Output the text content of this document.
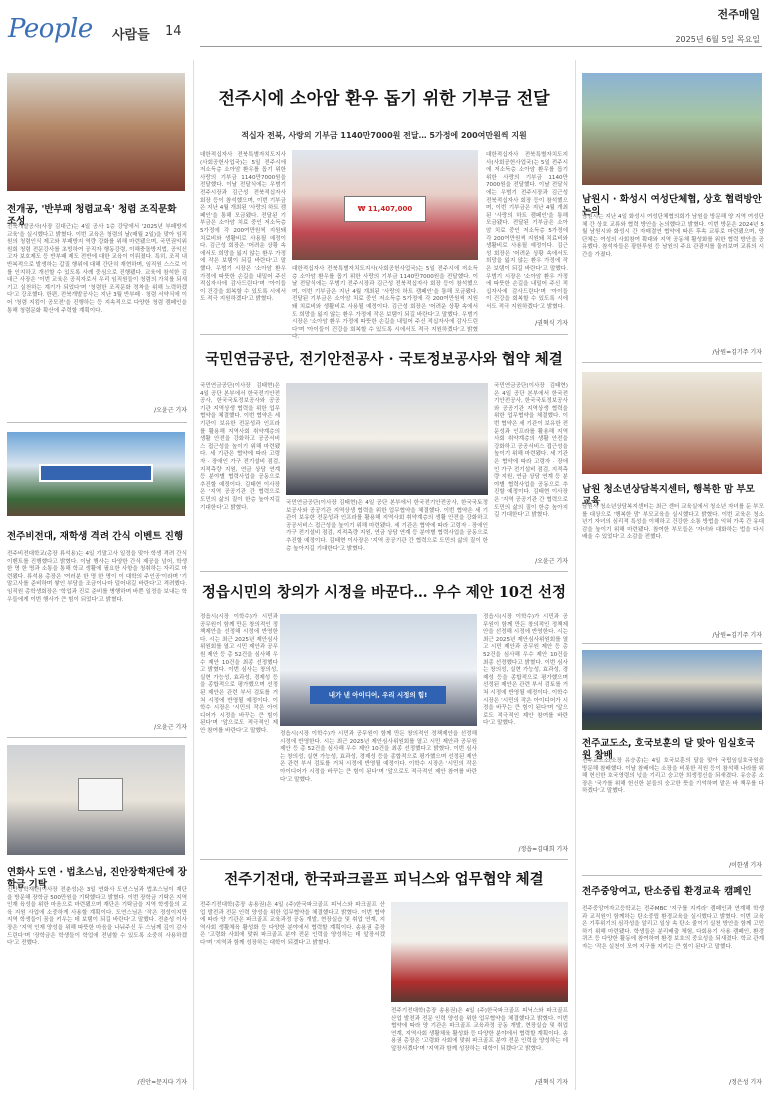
People 사람들 14
전주매일
2025년 6월 5일 목요일
전개공, '반부패 청렴교육' 청렴 조직문화 조성
전북개발공사(사장 김대근)는 4일 공사 1층 강당에서 '2025년 부패방지 교육'을 실시했다고 밝혔다. 이번 교육은 청렴의 날(매월 2일)을 맞아 임직원의 청렴인식 제고와 부패방지 역량 강화를 위해 마련됐으며, 국민권익위원회 청렴 전문강사를 초빙하여 공직자 행동강령, 이해충돌방지법, 공익신고자 보호제도 등 반부패 제도 전반에 대한 교육이 이뤄졌다. 특히, 조직 내 반복적으로 발생하는 갑질 행위에 대해 간단히 재현하며, 임직원 스스로 이를 인지하고 개선할 수 있도록 사례 중심으로 진행됐다. 교육에 참석한 김대근 사장은 '이번 교육은 공직자로서 우리 임직원들이 청렴의 가치를 되새기고 실천하는 계기가 되었다'며 '청렴한 조직문화 정착을 위해 노력하겠다'고 강조했다. 한편, 전북개발공사는 지난 3월 반부패 · 청렴 서약식에 이어 '청렴 지킴이 공모전'을 진행하는 등 지속적으로 다양한 청렴 캠페인을 통해 청렴문화 확산에 주력할 계획이다.
/오윤근 기자
전주비전대, 재학생 격려 간식 이벤트 진행
전주비전대학교(총장 류석용)는 4일 기말고사 일정을 맞아 학생 격려 간식 이벤트를 진행했다고 밝혔다. 이날 행사는 다양한 간식 제공을 넘어, 학생 한 명 한 명과 소통을 통해 학교 생활에 필요한 사항을 청취하는 자리로 마련됐다. 류석용 총장은 '여러분 한 명 한 명이 이 대학의 주인공'이라며 '기말고사를 준비하며 쌓인 부담을 조금이나마 덜어내길 바란다'고 격려했다. 임직원 총학생회장은 '학업과 진로 준비를 병행하며 바쁜 일정을 보내는 학우들에게 이번 행사가 큰 힘이 되었다'고 밝혔다.
/오윤근 기자
연화사 도연 · 법초스님, 진안장학재단에 장학금 기탁
진안장학재단(이사장 전춘성)은 3일 연화사 도연스님과 법초스님이 재단을 방문해 장학금 500만원을 기탁했다고 밝혔다. 이번 장학금 기탁은 지역 인재 육성을 위한 마음으로 마련됐으며 재단은 기탁금을 지역 학생들의 교육 지원 사업에 소중하게 사용할 계획이다. 도연스님은 '작은 정성이지만 지역 학생들이 꿈을 키우는 데 보탬이 되길 바란다'고 말했다. 전춘성 이사장은 '지역 인재 양성을 위해 따뜻한 마음을 나눠주신 두 스님께 깊이 감사드린다'며 '장학금은 학생들이 학업에 전념할 수 있도록 소중히 사용하겠다'고 전했다.
/진안=문지다 기자
전주시에 소아암 환우 돕기 위한 기부금 전달
적십자 전북, 사랑의 기부금 1140만7000원 전달… 5가정에 200여만원씩 지원
대한적십자사 전북특별자치도지사(사회공헌사업국)는 5일 전주시에 저소득층 소아암 환우를 돕기 위한 사랑의 기부금 1140만7000원을 전달했다. 이날 전달식에는 우범기 전주시장과 김근성 전북적십자사 회장 등이 참석했으며, 이번 기부금은 지난 4월 개최된 '사랑의 하트 캠페인'을 통해 모금됐다. 전달된 기부금은 소아암 치료 중인 저소득층 5가정에 각 200여만원씩 지원돼 치료비와 생활비로 사용될 예정이다. 김근성 회장은 '어려운 상황 속에서도 희망을 잃지 않는 환우 가정에 작은 보탬이 되길 바란다'고 말했다. 우범기 시장은 '소아암 환우 가정에 따뜻한 손길을 내밀어 주신 적십자사에 감사드린다'며 '아이들이 건강을 회복할 수 있도록 시에서도 적극 지원하겠다'고 밝혔다.
₩ 11,407,000
대한적십자사 전북특별자치도지사(사회공헌사업국)는 5일 전주시에 저소득층 소아암 환우를 돕기 위한 사랑의 기부금 1140만7000원을 전달했다. 이날 전달식에는 우범기 전주시장과 김근성 전북적십자사 회장 등이 참석했으며, 이번 기부금은 지난 4월 개최된 '사랑의 하트 캠페인'을 통해 모금됐다. 전달된 기부금은 소아암 치료 중인 저소득층 5가정에 각 200여만원씩 지원돼 치료비와 생활비로 사용될 예정이다. 김근성 회장은 '어려운 상황 속에서도 희망을 잃지 않는 환우 가정에 작은 보탬이 되길 바란다'고 말했다. 우범기 시장은 '소아암 환우 가정에 따뜻한 손길을 내밀어 주신 적십자사에 감사드린다'며 '아이들이 건강을 회복할 수 있도록 시에서도 적극 지원하겠다'고 밝혔다.
대한적십자사 전북특별자치도지사(사회공헌사업국)는 5일 전주시에 저소득층 소아암 환우를 돕기 위한 사랑의 기부금 1140만7000원을 전달했다. 이날 전달식에는 우범기 전주시장과 김근성 전북적십자사 회장 등이 참석했으며, 이번 기부금은 지난 4월 개최된 '사랑의 하트 캠페인'을 통해 모금됐다. 전달된 기부금은 소아암 치료 중인 저소득층 5가정에 각 200여만원씩 지원돼 치료비와 생활비로 사용될 예정이다. 김근성 회장은 '어려운 상황 속에서도 희망을 잃지 않는 환우 가정에 작은 보탬이 되길 바란다'고 말했다. 우범기 시장은 '소아암 환우 가정에 따뜻한 손길을 내밀어 주신 적십자사에 감사드린다'며 '아이들이 건강을 회복할 수 있도록 시에서도 적극 지원하겠다'고 밝혔다.
/권혁식 기자
국민연금공단, 전기안전공사 · 국토정보공사와 협약 체결
국민연금공단(이사장 김태현)은 4일 공단 본부에서 한국전기안전공사, 한국국토정보공사와 공공기관 지역상생 협력을 위한 업무협약을 체결했다. 이번 협약은 세 기관이 보유한 전문성과 인프라를 활용해 지역사회 취약계층의 생활 안전을 강화하고 공공서비스 접근성을 높이기 위해 마련됐다. 세 기관은 협약에 따라 고령자 · 장애인 가구 전기설비 점검, 지적측량 지원, 연금 상담 연계 등 분야별 협력사업을 공동으로 추진할 예정이다. 김태현 이사장은 '지역 공공기관 간 협력으로 도민의 삶의 질이 한층 높아지길 기대한다'고 밝혔다.
국민연금공단(이사장 김태현)은 4일 공단 본부에서 한국전기안전공사, 한국국토정보공사와 공공기관 지역상생 협력을 위한 업무협약을 체결했다. 이번 협약은 세 기관이 보유한 전문성과 인프라를 활용해 지역사회 취약계층의 생활 안전을 강화하고 공공서비스 접근성을 높이기 위해 마련됐다. 세 기관은 협약에 따라 고령자 · 장애인 가구 전기설비 점검, 지적측량 지원, 연금 상담 연계 등 분야별 협력사업을 공동으로 추진할 예정이다. 김태현 이사장은 '지역 공공기관 간 협력으로 도민의 삶의 질이 한층 높아지길 기대한다'고 밝혔다.
국민연금공단(이사장 김태현)은 4일 공단 본부에서 한국전기안전공사, 한국국토정보공사와 공공기관 지역상생 협력을 위한 업무협약을 체결했다. 이번 협약은 세 기관이 보유한 전문성과 인프라를 활용해 지역사회 취약계층의 생활 안전을 강화하고 공공서비스 접근성을 높이기 위해 마련됐다. 세 기관은 협약에 따라 고령자 · 장애인 가구 전기설비 점검, 지적측량 지원, 연금 상담 연계 등 분야별 협력사업을 공동으로 추진할 예정이다. 김태현 이사장은 '지역 공공기관 간 협력으로 도민의 삶의 질이 한층 높아지길 기대한다'고 밝혔다.
/오윤근 기자
정읍시민의 창의가 시정을 바꾼다… 우수 제안 10건 선정
정읍시(시장 이학수)가 시민과 공무원이 함께 만든 창의적인 정책제안을 선정해 시정에 반영한다. 시는 최근 2025년 제안심사위원회를 열고 시민 제안과 공무원 제안 등 총 52건을 심사해 우수 제안 10건을 최종 선정했다고 밝혔다. 이번 심사는 창의성, 실현 가능성, 효과성, 경제성 등을 종합적으로 평가했으며 선정된 제안은 관련 부서 검토를 거쳐 시정에 반영될 예정이다. 이학수 시장은 '시민의 작은 아이디어가 시정을 바꾸는 큰 힘이 된다'며 '앞으로도 적극적인 제안 참여를 바란다'고 말했다.
내가 낸 아이디어, 우리 시정의 힘!
정읍시(시장 이학수)가 시민과 공무원이 함께 만든 창의적인 정책제안을 선정해 시정에 반영한다. 시는 최근 2025년 제안심사위원회를 열고 시민 제안과 공무원 제안 등 총 52건을 심사해 우수 제안 10건을 최종 선정했다고 밝혔다. 이번 심사는 창의성, 실현 가능성, 효과성, 경제성 등을 종합적으로 평가했으며 선정된 제안은 관련 부서 검토를 거쳐 시정에 반영될 예정이다. 이학수 시장은 '시민의 작은 아이디어가 시정을 바꾸는 큰 힘이 된다'며 '앞으로도 적극적인 제안 참여를 바란다'고 말했다.
정읍시(시장 이학수)가 시민과 공무원이 함께 만든 창의적인 정책제안을 선정해 시정에 반영한다. 시는 최근 2025년 제안심사위원회를 열고 시민 제안과 공무원 제안 등 총 52건을 심사해 우수 제안 10건을 최종 선정했다고 밝혔다. 이번 심사는 창의성, 실현 가능성, 효과성, 경제성 등을 종합적으로 평가했으며 선정된 제안은 관련 부서 검토를 거쳐 시정에 반영될 예정이다. 이학수 시장은 '시민의 작은 아이디어가 시정을 바꾸는 큰 힘이 된다'며 '앞으로도 적극적인 제안 참여를 바란다'고 말했다.
/정읍=김대희 기자
전주기전대, 한국파크골프 피닉스와 업무협약 체결
전주기전대학(총장 송용권)은 4일 (주)한국파크골프 피닉스와 파크골프 산업 발전과 전문 인력 양성을 위한 업무협약을 체결했다고 밝혔다. 이번 협약에 따라 양 기관은 파크골프 교육과정 공동 개발, 현장실습 및 취업 연계, 지역사회 생활체육 활성화 등 다양한 분야에서 협력할 계획이다. 송용권 총장은 '고령화 사회에 맞춰 파크골프 분야 전문 인력을 양성하는 데 앞장서겠다'며 '지역과 함께 성장하는 대학이 되겠다'고 밝혔다.
전주기전대학(총장 송용권)은 4일 (주)한국파크골프 피닉스와 파크골프 산업 발전과 전문 인력 양성을 위한 업무협약을 체결했다고 밝혔다. 이번 협약에 따라 양 기관은 파크골프 교육과정 공동 개발, 현장실습 및 취업 연계, 지역사회 생활체육 활성화 등 다양한 분야에서 협력할 계획이다. 송용권 총장은 '고령화 사회에 맞춰 파크골프 분야 전문 인력을 양성하는 데 앞장서겠다'며 '지역과 함께 성장하는 대학이 되겠다'고 밝혔다.
/권혁식 기자
남원시 · 화성시 여성단체협, 상호 협력방안 논의
남원시는 지난 4일 화성시 여성단체협의회가 남원을 방문해 양 지역 여성단체 간 상호 교류와 협력 방안을 논의했다고 밝혔다. 이번 방문은 2024년 5월 남원시와 화성시 간 자매결연 협약에 따른 후속 교류로 마련됐으며, 양 단체는 여성의 사회참여 확대와 지역 공동체 활성화를 위한 협력 방안을 공유했다. 참석자들은 광한루원 등 남원의 주요 관광지를 둘러보며 교류의 시간을 가졌다.
/남원=김기주 기자
남원 청소년상담복지센터, 행복한 맘 부모 교육
남원시 청소년상담복지센터는 최근 센터 교육실에서 청소년 자녀를 둔 부모를 대상으로 '행복한 맘' 부모교육을 실시했다고 밝혔다. 이번 교육은 청소년기 자녀의 심리적 특성을 이해하고 건강한 소통 방법을 익혀 가족 간 유대감을 높이기 위해 마련됐다. 참여한 부모들은 '자녀와 대화하는 법을 다시 배울 수 있었다'고 소감을 전했다.
/남원=김기주 기자
전주교도소, 호국보훈의 달 맞아 임실호국원 참배
전주교도소(소장 유승종)는 4일 호국보훈의 달을 맞아 국립임실호국원을 방문해 참배했다. 이날 참배에는 소장을 비롯한 직원 등이 참석해 나라를 위해 헌신한 호국영령의 넋을 기리고 숭고한 희생정신을 되새겼다. 유승종 소장은 '국가를 위해 헌신한 분들의 숭고한 뜻을 기억하며 맡은 바 책무를 다하겠다'고 말했다.
/이한샘 기자
전주중앙여고, 탄소중립 환경교육 캠페인
전주중앙여자고등학교는 전주MBC '지구를 지켜라' 캠페인과 연계해 학생과 교직원이 함께하는 탄소중립 환경교육을 실시했다고 밝혔다. 이번 교육은 기후위기의 심각성을 알리고 일상 속 탄소 줄이기 실천 방안을 함께 고민하기 위해 마련됐다. 학생들은 분리배출 체험, 다회용기 사용 캠페인, 환경 퀴즈 등 다양한 활동에 참여하며 환경 보호의 중요성을 되새겼다. 학교 관계자는 '작은 실천이 모여 지구를 지키는 큰 힘이 된다'고 말했다.
/정은성 기자
